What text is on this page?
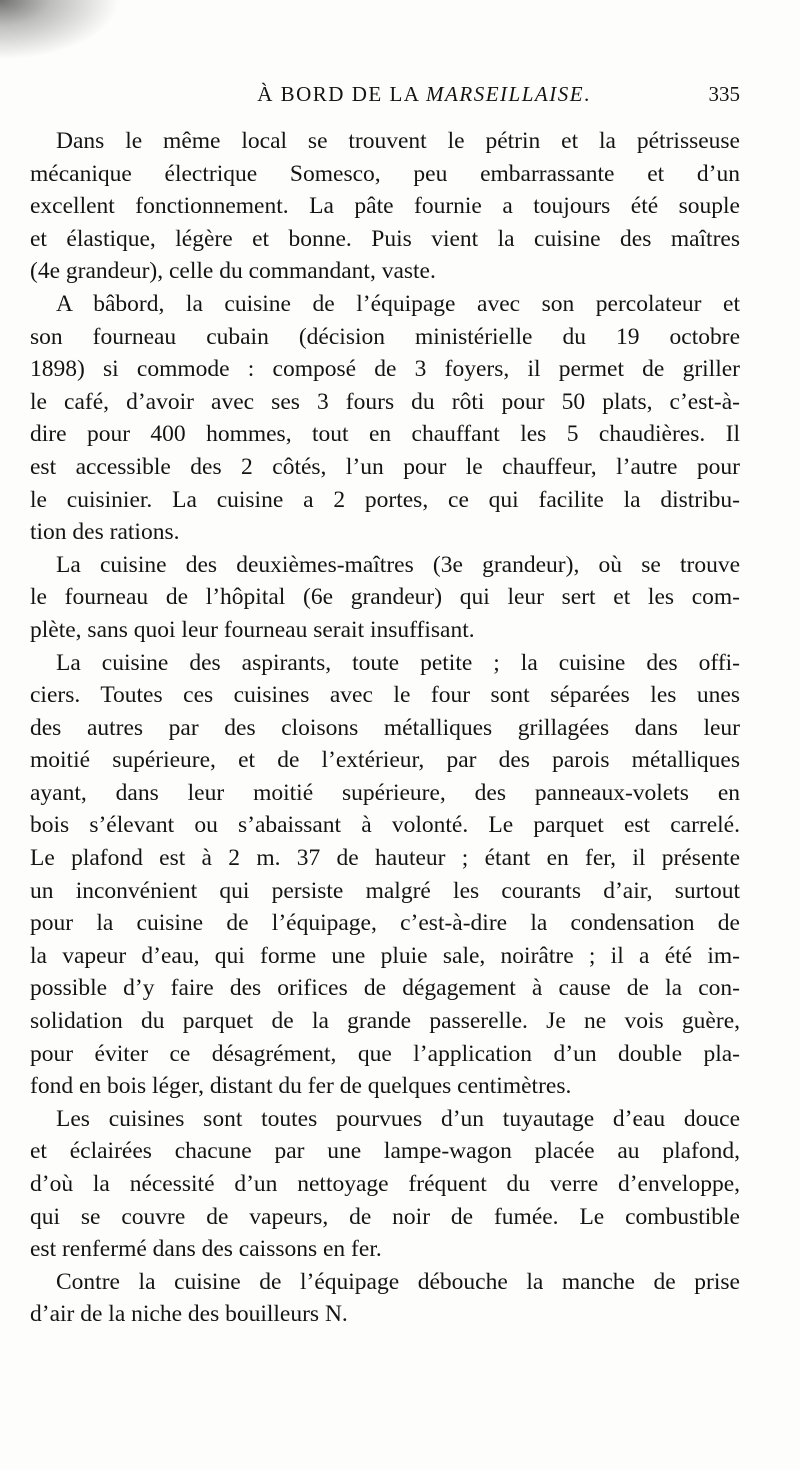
À BORD DE LA MARSEILLAISE.	335
Dans le même local se trouvent le pétrin et la pétrisseuse
mécanique électrique Somesco, peu embarrassante et d’un
excellent fonctionnement. La pâte fournie a toujours été souple
et élastique, légère et bonne. Puis vient la cuisine des maîtres
(4e grandeur), celle du commandant, vaste.
A bâbord, la cuisine de l’équipage avec son percolateur et
son fourneau cubain (décision ministérielle du 19 octobre
1898) si commode : composé de 3 foyers, il permet de griller
le café, d’avoir avec ses 3 fours du rôti pour 50 plats, c’est-à-
dire pour 400 hommes, tout en chauffant les 5 chaudières. Il
est accessible des 2 côtés, l’un pour le chauffeur, l’autre pour
le cuisinier. La cuisine a 2 portes, ce qui facilite la distribu-
tion des rations.
La cuisine des deuxièmes-maîtres (3e grandeur), où se trouve
le fourneau de l’hôpital (6e grandeur) qui leur sert et les com-
plète, sans quoi leur fourneau serait insuffisant.
La cuisine des aspirants, toute petite ; la cuisine des offi-
ciers. Toutes ces cuisines avec le four sont séparées les unes
des autres par des cloisons métalliques grillagées dans leur
moitié supérieure, et de l’extérieur, par des parois métalliques
ayant, dans leur moitié supérieure, des panneaux-volets en
bois s’élevant ou s’abaissant à volonté. Le parquet est carrelé.
Le plafond est à 2 m. 37 de hauteur ; étant en fer, il présente
un inconvénient qui persiste malgré les courants d’air, surtout
pour la cuisine de l’équipage, c’est-à-dire la condensation de
la vapeur d’eau, qui forme une pluie sale, noirâtre ; il a été im-
possible d’y faire des orifices de dégagement à cause de la con-
solidation du parquet de la grande passerelle. Je ne vois guère,
pour éviter ce désagrément, que l’application d’un double pla-
fond en bois léger, distant du fer de quelques centimètres.
Les cuisines sont toutes pourvues d’un tuyautage d’eau douce
et éclairées chacune par une lampe-wagon placée au plafond,
d’où la nécessité d’un nettoyage fréquent du verre d’enveloppe,
qui se couvre de vapeurs, de noir de fumée. Le combustible
est renfermé dans des caissons en fer.
Contre la cuisine de l’équipage débouche la manche de prise
d’air de la niche des bouilleurs N.
